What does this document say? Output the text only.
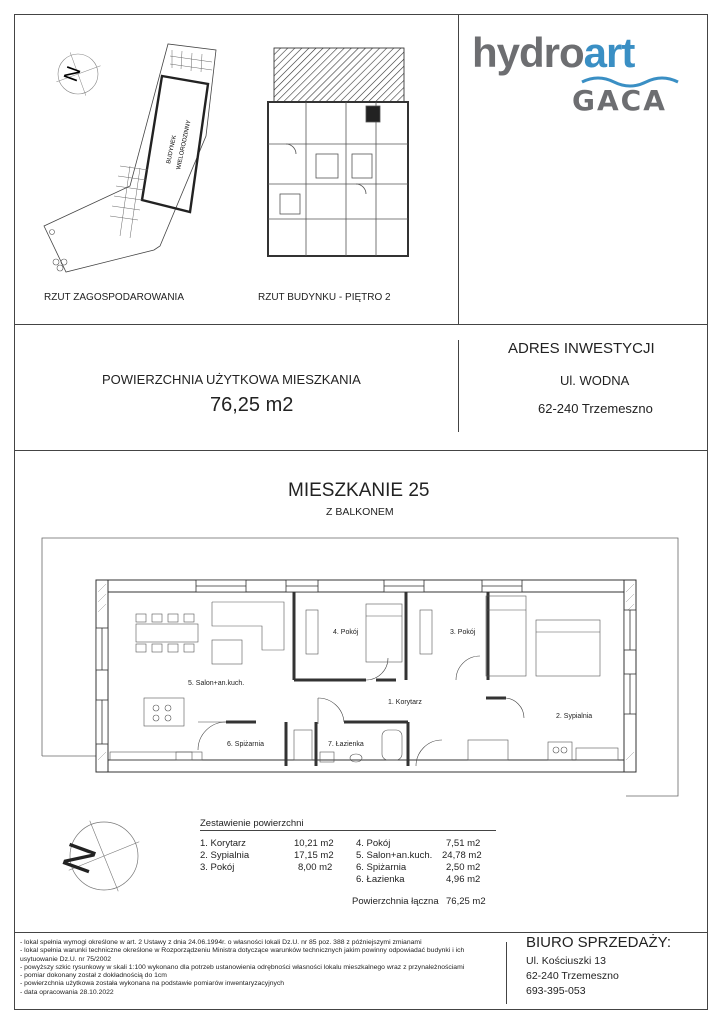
hydroart
GACA
N
BUDYNEK
WIELORODZINNY
RZUT ZAGOSPODAROWANIA	RZUT BUDYNKU - PIĘTRO 2
POWIERZCHNIA UŻYTKOWA MIESZKANIA
76,25 m2
ADRES INWESTYCJI
Ul. WODNA
62-240 Trzemeszno
MIESZKANIE 25
Z BALKONEM
4. Pokój	3. Pokój
5. Salon+an.kuch.
1. Korytarz
2. Sypialnia
6. Spiżarnia	7. Łazienka
N
Zestawienie powierzchni
1. Korytarz	10,21 m2
2. Sypialnia	17,15 m2
3. Pokój	8,00 m2
4. Pokój	7,51 m2
5. Salon+an.kuch. 24,78 m2
6. Spiżarnia	2,50 m2
6. Łazienka	4,96 m2
Powierzchnia łączna 76,25 m2
- lokal spełnia wymogi określone w art. 2 Ustawy z dnia 24.06.1994r. o własności lokali Dz.U. nr 85 poz. 388 z późniejszymi zmianami
- lokal spełnia warunki techniczne określone w Rozporządzeniu Ministra dotyczące warunków technicznych jakim powinny odpowiadać budynki i ich
usytuowanie Dz.U. nr 75/2002
- powyższy szkic rysunkowy w skali 1:100 wykonano dla potrzeb ustanowienia odrębności własności lokalu mieszkalnego wraz z przynależnościami
- pomiar dokonany został z dokładnością do 1cm
- powierzchnia użytkowa została wykonana na podstawie pomiarów inwentaryzacyjnych
- data opracowania 28.10.2022
BIURO SPRZEDAŻY:
Ul. Kościuszki 13
62-240 Trzemeszno
693-395-053
